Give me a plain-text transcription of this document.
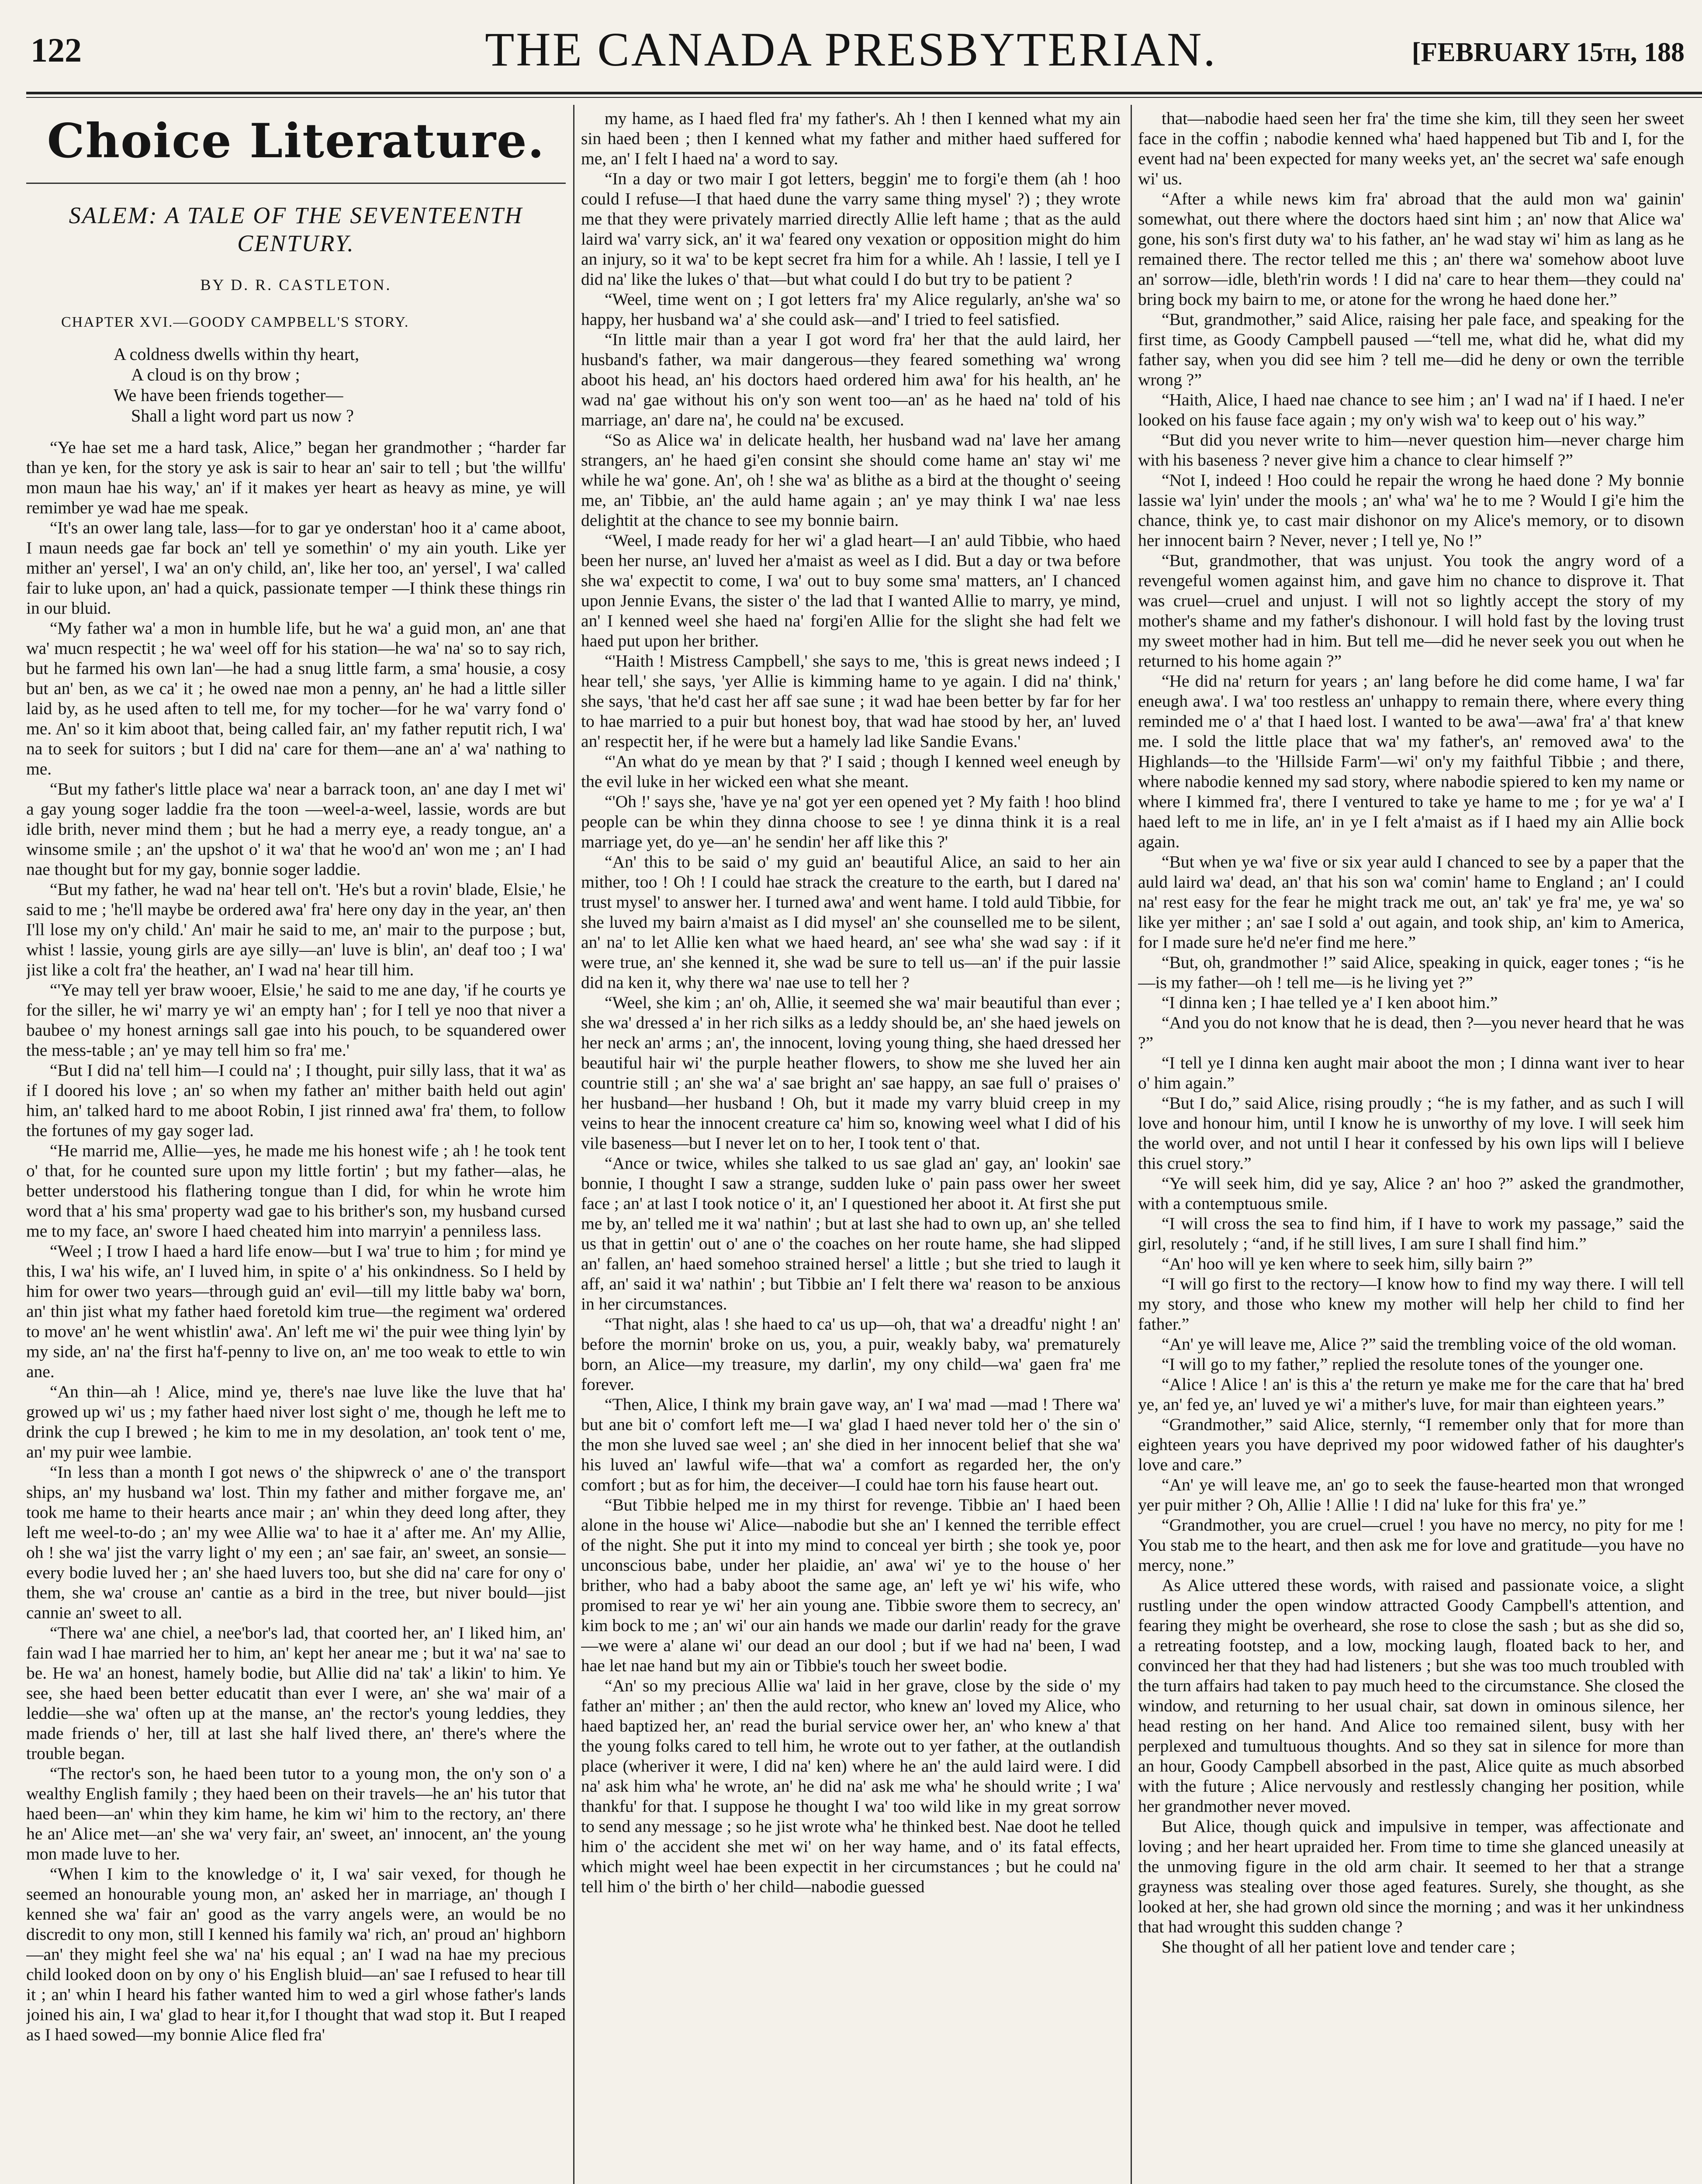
122	THE CANADA PRESBYTERIAN.	[FEBRUARY 15th, 188
Choice Literature.
SALEM: A TALE OF THE SEVENTEENTH CENTURY.
BY D. R. CASTLETON.
CHAPTER XVI.—GOODY CAMPBELL'S STORY.
A coldness dwells within thy heart,
A cloud is on thy brow ;
We have been friends together—
Shall a light word part us now ?

“Ye hae set me a hard task, Alice,” began her grandmother ; “harder far than ye ken, for the story ye ask is sair to hear an' sair to tell ; but 'the willfu' mon maun hae his way,' an' if it makes yer heart as heavy as mine, ye will remimber ye wad hae me speak.

“It's an ower lang tale, lass—for to gar ye onderstan' hoo it a' came aboot, I maun needs gae far bock an' tell ye somethin' o' my ain youth. Like yer mither an' yersel', I wa' an on'y child, an', like her too, an' yersel', I wa' called fair to luke upon, an' had a quick, passionate temper —I think these things rin in our bluid.

“My father wa' a mon in humble life, but he wa' a guid mon, an' ane that wa' mucn respectit ; he wa' weel off for his station—he wa' na' so to say rich, but he farmed his own lan'—he had a snug little farm, a sma' housie, a cosy but an' ben, as we ca' it ; he owed nae mon a penny, an' he had a little siller laid by, as he used aften to tell me, for my tocher—for he wa' varry fond o' me. An' so it kim aboot that, being called fair, an' my father reputit rich, I wa' na to seek for suitors ; but I did na' care for them—ane an' a' wa' nathing to me.

“But my father's little place wa' near a barrack toon, an' ane day I met wi' a gay young soger laddie fra the toon —weel-a-weel, lassie, words are but idle brith, never mind them ; but he had a merry eye, a ready tongue, an' a winsome smile ; an' the upshot o' it wa' that he woo'd an' won me ; an' I had nae thought but for my gay, bonnie soger laddie.

“But my father, he wad na' hear tell on't. 'He's but a rovin' blade, Elsie,' he said to me ; 'he'll maybe be ordered awa' fra' here ony day in the year, an' then I'll lose my on'y child.' An' mair he said to me, an' mair to the purpose ; but, whist ! lassie, young girls are aye silly—an' luve is blin', an' deaf too ; I wa' jist like a colt fra' the heather, an' I wad na' hear till him.

“'Ye may tell yer braw wooer, Elsie,' he said to me ane day, 'if he courts ye for the siller, he wi' marry ye wi' an empty han' ; for I tell ye noo that niver a baubee o' my honest arnings sall gae into his pouch, to be squandered ower the mess-table ; an' ye may tell him so fra' me.'

“But I did na' tell him—I could na' ; I thought, puir silly lass, that it wa' as if I doored his love ; an' so when my father an' mither baith held out agin' him, an' talked hard to me aboot Robin, I jist rinned awa' fra' them, to follow the fortunes of my gay soger lad.

“He marrid me, Allie—yes, he made me his honest wife ; ah ! he took tent o' that, for he counted sure upon my little fortin' ; but my father—alas, he better understood his flathering tongue than I did, for whin he wrote him word that a' his sma' property wad gae to his brither's son, my husband cursed me to my face, an' swore I haed cheated him into marryin' a penniless lass.

“Weel ; I trow I haed a hard life enow—but I wa' true to him ; for mind ye this, I wa' his wife, an' I luved him, in spite o' a' his onkindness. So I held by him for ower two years—through guid an' evil—till my little baby wa' born, an' thin jist what my father haed foretold kim true—the regiment wa' ordered to move' an' he went whistlin' awa'. An' left me wi' the puir wee thing lyin' by my side, an' na' the first ha'f-penny to live on, an' me too weak to ettle to win ane.

“An thin—ah ! Alice, mind ye, there's nae luve like the luve that ha' growed up wi' us ; my father haed niver lost sight o' me, though he left me to drink the cup I brewed ; he kim to me in my desolation, an' took tent o' me, an' my puir wee lambie.

“In less than a month I got news o' the shipwreck o' ane o' the transport ships, an' my husband wa' lost. Thin my father and mither forgave me, an' took me hame to their hearts ance mair ; an' whin they deed long after, they left me weel-to-do ; an' my wee Allie wa' to hae it a' after me. An' my Allie, oh ! she wa' jist the varry light o' my een ; an' sae fair, an' sweet, an sonsie—every bodie luved her ; an' she haed luvers too, but she did na' care for ony o' them, she wa' crouse an' cantie as a bird in the tree, but niver bould—jist cannie an' sweet to all.

“There wa' ane chiel, a nee'bor's lad, that coorted her, an' I liked him, an' fain wad I hae married her to him, an' kept her anear me ; but it wa' na' sae to be. He wa' an honest, hamely bodie, but Allie did na' tak' a likin' to him. Ye see, she haed been better educatit than ever I were, an' she wa' mair of a leddie—she wa' often up at the manse, an' the rector's young leddies, they made friends o' her, till at last she half lived there, an' there's where the trouble began.

“The rector's son, he haed been tutor to a young mon, the on'y son o' a wealthy English family ; they haed been on their travels—he an' his tutor that haed been—an' whin they kim hame, he kim wi' him to the rectory, an' there he an' Alice met—an' she wa' very fair, an' sweet, an' innocent, an' the young mon made luve to her.

“When I kim to the knowledge o' it, I wa' sair vexed, for though he seemed an honourable young mon, an' asked her in marriage, an' though I kenned she wa' fair an' good as the varry angels were, an would be no discredit to ony mon, still I kenned his family wa' rich, an' proud an' highborn—an' they might feel she wa' na' his equal ; an' I wad na hae my precious child looked doon on by ony o' his English bluid—an' sae I refused to hear till it ; an' whin I heard his father wanted him to wed a girl whose father's lands joined his ain, I wa' glad to hear it,for I thought that wad stop it. But I reaped as I haed sowed—my bonnie Alice fled fra'

my hame, as I haed fled fra' my father's. Ah ! then I kenned what my ain sin haed been ; then I kenned what my father and mither haed suffered for me, an' I felt I haed na' a word to say.

“In a day or two mair I got letters, beggin' me to forgi'e them (ah ! hoo could I refuse—I that haed dune the varry same thing mysel' ?) ; they wrote me that they were privately married directly Allie left hame ; that as the auld laird wa' varry sick, an' it wa' feared ony vexation or opposition might do him an injury, so it wa' to be kept secret fra him for a while. Ah ! lassie, I tell ye I did na' like the lukes o' that—but what could I do but try to be patient ?

“Weel, time went on ; I got letters fra' my Alice regularly, an'she wa' so happy, her husband wa' a' she could ask—and' I tried to feel satisfied.

“In little mair than a year I got word fra' her that the auld laird, her husband's father, wa mair dangerous—they feared something wa' wrong aboot his head, an' his doctors haed ordered him awa' for his health, an' he wad na' gae without his on'y son went too—an' as he haed na' told of his marriage, an' dare na', he could na' be excused.

“So as Alice wa' in delicate health, her husband wad na' lave her amang strangers, an' he haed gi'en consint she should come hame an' stay wi' me while he wa' gone. An', oh ! she wa' as blithe as a bird at the thought o' seeing me, an' Tibbie, an' the auld hame again ; an' ye may think I wa' nae less delightit at the chance to see my bonnie bairn.

“Weel, I made ready for her wi' a glad heart—I an' auld Tibbie, who haed been her nurse, an' luved her a'maist as weel as I did. But a day or twa before she wa' expectit to come, I wa' out to buy some sma' matters, an' I chanced upon Jennie Evans, the sister o' the lad that I wanted Allie to marry, ye mind, an' I kenned weel she haed na' forgi'en Allie for the slight she had felt we haed put upon her brither.

“'Haith ! Mistress Campbell,' she says to me, 'this is great news indeed ; I hear tell,' she says, 'yer Allie is kimming hame to ye again. I did na' think,' she says, 'that he'd cast her aff sae sune ; it wad hae been better by far for her to hae married to a puir but honest boy, that wad hae stood by her, an' luved an' respectit her, if he were but a hamely lad like Sandie Evans.'

“'An what do ye mean by that ?' I said ; though I kenned weel eneugh by the evil luke in her wicked een what she meant.

“'Oh !' says she, 'have ye na' got yer een opened yet ? My faith ! hoo blind people can be whin they dinna choose to see ! ye dinna think it is a real marriage yet, do ye—an' he sendin' her aff like this ?'

“An' this to be said o' my guid an' beautiful Alice, an said to her ain mither, too ! Oh ! I could hae strack the creature to the earth, but I dared na' trust mysel' to answer her. I turned awa' and went hame. I told auld Tibbie, for she luved my bairn a'maist as I did mysel' an' she counselled me to be silent, an' na' to let Allie ken what we haed heard, an' see wha' she wad say : if it were true, an' she kenned it, she wad be sure to tell us—an' if the puir lassie did na ken it, why there wa' nae use to tell her ?

“Weel, she kim ; an' oh, Allie, it seemed she wa' mair beautiful than ever ; she wa' dressed a' in her rich silks as a leddy should be, an' she haed jewels on her neck an' arms ; an', the innocent, loving young thing, she haed dressed her beautiful hair wi' the purple heather flowers, to show me she luved her ain countrie still ; an' she wa' a' sae bright an' sae happy, an sae full o' praises o' her husband—her husband ! Oh, but it made my varry bluid creep in my veins to hear the innocent creature ca' him so, knowing weel what I did of his vile baseness—but I never let on to her, I took tent o' that.

“Ance or twice, whiles she talked to us sae glad an' gay, an' lookin' sae bonnie, I thought I saw a strange, sudden luke o' pain pass ower her sweet face ; an' at last I took notice o' it, an' I questioned her aboot it. At first she put me by, an' telled me it wa' nathin' ; but at last she had to own up, an' she telled us that in gettin' out o' ane o' the coaches on her route hame, she had slipped an' fallen, an' haed somehoo strained hersel' a little ; but she tried to laugh it aff, an' said it wa' nathin' ; but Tibbie an' I felt there wa' reason to be anxious in her circumstances.

“That night, alas ! she haed to ca' us up—oh, that wa' a dreadfu' night ! an' before the mornin' broke on us, you, a puir, weakly baby, wa' prematurely born, an Alice—my treasure, my darlin', my ony child—wa' gaen fra' me forever.

“Then, Alice, I think my brain gave way, an' I wa' mad —mad ! There wa' but ane bit o' comfort left me—I wa' glad I haed never told her o' the sin o' the mon she luved sae weel ; an' she died in her innocent belief that she wa' his luved an' lawful wife—that wa' a comfort as regarded her, the on'y comfort ; but as for him, the deceiver—I could hae torn his fause heart out.

“But Tibbie helped me in my thirst for revenge. Tibbie an' I haed been alone in the house wi' Alice—nabodie but she an' I kenned the terrible effect of the night. She put it into my mind to conceal yer birth ; she took ye, poor unconscious babe, under her plaidie, an' awa' wi' ye to the house o' her brither, who had a baby aboot the same age, an' left ye wi' his wife, who promised to rear ye wi' her ain young ane. Tibbie swore them to secrecy, an' kim bock to me ; an' wi' our ain hands we made our darlin' ready for the grave—we were a' alane wi' our dead an our dool ; but if we had na' been, I wad hae let nae hand but my ain or Tibbie's touch her sweet bodie.

“An' so my precious Allie wa' laid in her grave, close by the side o' my father an' mither ; an' then the auld rector, who knew an' loved my Alice, who haed baptized her, an' read the burial service ower her, an' who knew a' that the young folks cared to tell him, he wrote out to yer father, at the outlandish place (wheriver it were, I did na' ken) where he an' the auld laird were. I did na' ask him wha' he wrote, an' he did na' ask me wha' he should write ; I wa' thankfu' for that. I suppose he thought I wa' too wild like in my great sorrow to send any message ; so he jist wrote wha' he thinked best. Nae doot he telled him o' the accident she met wi' on her way hame, and o' its fatal effects, which might weel hae been expectit in her circumstances ; but he could na' tell him o' the birth o' her child—nabodie guessed

that—nabodie haed seen her fra' the time she kim, till they seen her sweet face in the coffin ; nabodie kenned wha' haed happened but Tib and I, for the event had na' been expected for many weeks yet, an' the secret wa' safe enough wi' us.

“After a while news kim fra' abroad that the auld mon wa' gainin' somewhat, out there where the doctors haed sint him ; an' now that Alice wa' gone, his son's first duty wa' to his father, an' he wad stay wi' him as lang as he remained there. The rector telled me this ; an' there wa' somehow aboot luve an' sorrow—idle, bleth'rin words ! I did na' care to hear them—they could na' bring bock my bairn to me, or atone for the wrong he haed done her.”

“But, grandmother,” said Alice, raising her pale face, and speaking for the first time, as Goody Campbell paused —“tell me, what did he, what did my father say, when you did see him ? tell me—did he deny or own the terrible wrong ?”

“Haith, Alice, I haed nae chance to see him ; an' I wad na' if I haed. I ne'er looked on his fause face again ; my on'y wish wa' to keep out o' his way.”

“But did you never write to him—never question him—never charge him with his baseness ? never give him a chance to clear himself ?”

“Not I, indeed ! Hoo could he repair the wrong he haed done ? My bonnie lassie wa' lyin' under the mools ; an' wha' wa' he to me ? Would I gi'e him the chance, think ye, to cast mair dishonor on my Alice's memory, or to disown her innocent bairn ? Never, never ; I tell ye, No !”

“But, grandmother, that was unjust. You took the angry word of a revengeful women against him, and gave him no chance to disprove it. That was cruel—cruel and unjust. I will not so lightly accept the story of my mother's shame and my father's dishonour. I will hold fast by the loving trust my sweet mother had in him. But tell me—did he never seek you out when he returned to his home again ?”

“He did na' return for years ; an' lang before he did come hame, I wa' far eneugh awa'. I wa' too restless an' unhappy to remain there, where every thing reminded me o' a' that I haed lost. I wanted to be awa'—awa' fra' a' that knew me. I sold the little place that wa' my father's, an' removed awa' to the Highlands—to the 'Hillside Farm'—wi' on'y my faithful Tibbie ; and there, where nabodie kenned my sad story, where nabodie spiered to ken my name or where I kimmed fra', there I ventured to take ye hame to me ; for ye wa' a' I haed left to me in life, an' in ye I felt a'maist as if I haed my ain Allie bock again.

“But when ye wa' five or six year auld I chanced to see by a paper that the auld laird wa' dead, an' that his son wa' comin' hame to England ; an' I could na' rest easy for the fear he might track me out, an' tak' ye fra' me, ye wa' so like yer mither ; an' sae I sold a' out again, and took ship, an' kim to America, for I made sure he'd ne'er find me here.”

“But, oh, grandmother !” said Alice, speaking in quick, eager tones ; “is he—is my father—oh ! tell me—is he living yet ?”

“I dinna ken ; I hae telled ye a' I ken aboot him.”

“And you do not know that he is dead, then ?—you never heard that he was ?”

“I tell ye I dinna ken aught mair aboot the mon ; I dinna want iver to hear o' him again.”

“But I do,” said Alice, rising proudly ; “he is my father, and as such I will love and honour him, until I know he is unworthy of my love. I will seek him the world over, and not until I hear it confessed by his own lips will I believe this cruel story.”

“Ye will seek him, did ye say, Alice ? an' hoo ?” asked the grandmother, with a contemptuous smile.

“I will cross the sea to find him, if I have to work my passage,” said the girl, resolutely ; “and, if he still lives, I am sure I shall find him.”

“An' hoo will ye ken where to seek him, silly bairn ?”

“I will go first to the rectory—I know how to find my way there. I will tell my story, and those who knew my mother will help her child to find her father.”

“An' ye will leave me, Alice ?” said the trembling voice of the old woman.

“I will go to my father,” replied the resolute tones of the younger one.

“Alice ! Alice ! an' is this a' the return ye make me for the care that ha' bred ye, an' fed ye, an' luved ye wi' a mither's luve, for mair than eighteen years.”

“Grandmother,” said Alice, sternly, “I remember only that for more than eighteen years you have deprived my poor widowed father of his daughter's love and care.”

“An' ye will leave me, an' go to seek the fause-hearted mon that wronged yer puir mither ? Oh, Allie ! Allie ! I did na' luke for this fra' ye.”

“Grandmother, you are cruel—cruel ! you have no mercy, no pity for me ! You stab me to the heart, and then ask me for love and gratitude—you have no mercy, none.”

As Alice uttered these words, with raised and passionate voice, a slight rustling under the open window attracted Goody Campbell's attention, and fearing they might be overheard, she rose to close the sash ; but as she did so, a retreating footstep, and a low, mocking laugh, floated back to her, and convinced her that they had had listeners ; but she was too much troubled with the turn affairs had taken to pay much heed to the circumstance. She closed the window, and returning to her usual chair, sat down in ominous silence, her head resting on her hand. And Alice too remained silent, busy with her perplexed and tumultuous thoughts. And so they sat in silence for more than an hour, Goody Campbell absorbed in the past, Alice quite as much absorbed with the future ; Alice nervously and restlessly changing her position, while her grandmother never moved.

But Alice, though quick and impulsive in temper, was affectionate and loving ; and her heart upraided her. From time to time she glanced uneasily at the unmoving figure in the old arm chair. It seemed to her that a strange grayness was stealing over those aged features. Surely, she thought, as she looked at her, she had grown old since the morning ; and was it her unkindness that had wrought this sudden change ?

She thought of all her patient love and tender care ;
